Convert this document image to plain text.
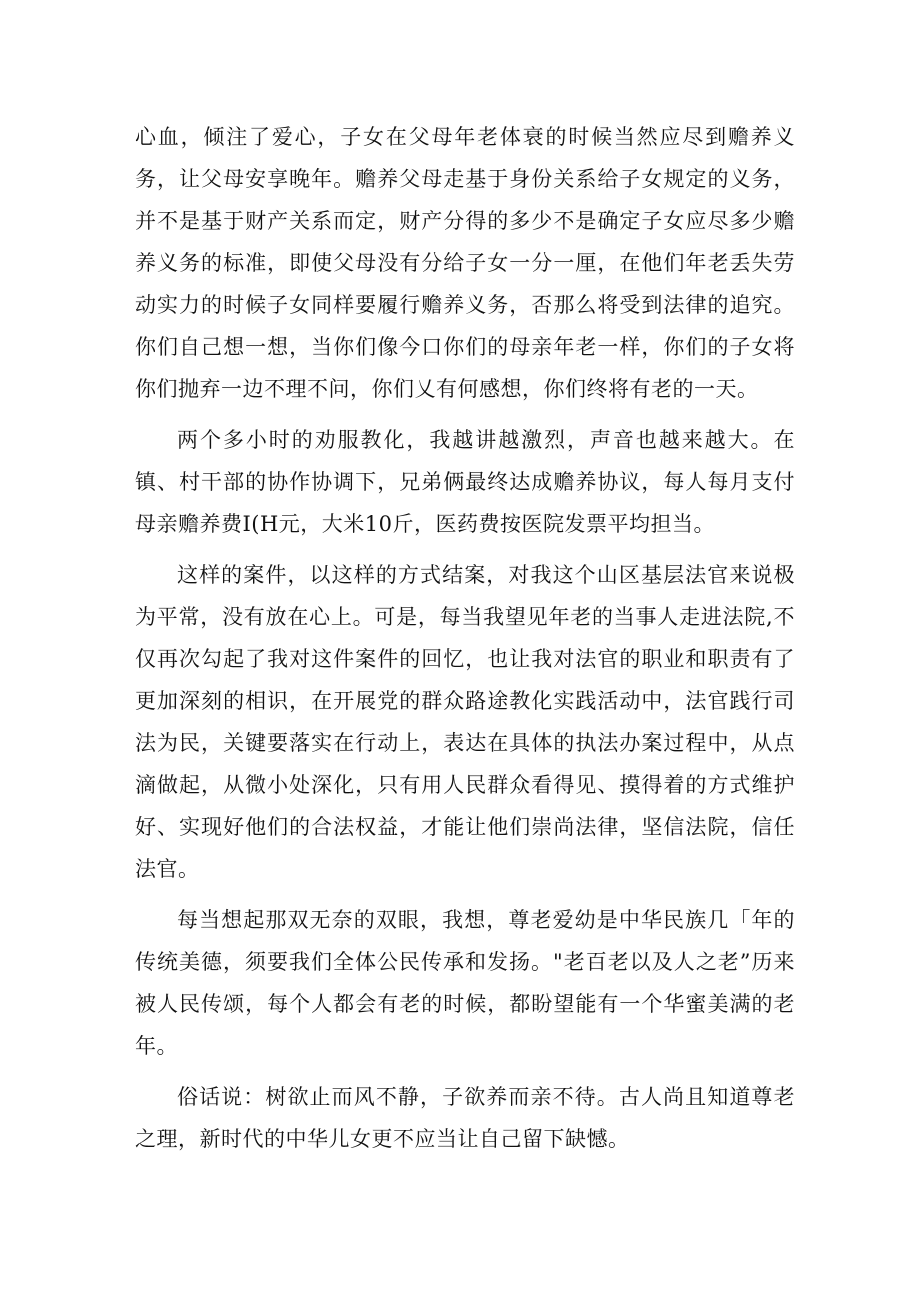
心血，倾注了爱心，子女在父母年老体衰的时候当然应尽到赡养义务，让父母安享晚年。赡养父母走基于身份关系给子女规定的义务，并不是基于财产关系而定，财产分得的多少不是确定子女应尽多少赡养义务的标准，即使父母没有分给子女一分一厘，在他们年老丢失劳动实力的时候子女同样要履行赡养义务，否那么将受到法律的追究。你们自己想一想，当你们像今口你们的母亲年老一样，你们的子女将你们抛弃一边不理不问，你们乂有何感想，你们终将有老的一天。

两个多小时的劝服教化，我越讲越激烈，声音也越来越大。在镇、村干部的协作协调下，兄弟俩最终达成赡养协议，每人每月支付母亲赡养费I(H元，大米10斤，医药费按医院发票平均担当。

这样的案件，以这样的方式结案，对我这个山区基层法官来说极为平常，没有放在心上。可是，每当我望见年老的当事人走进法院,不仅再次勾起了我对这件案件的回忆，也让我对法官的职业和职责有了更加深刻的相识，在开展党的群众路途教化实践活动中，法官践行司法为民，关键要落实在行动上，表达在具体的执法办案过程中，从点滴做起，从微小处深化，只有用人民群众看得见、摸得着的方式维护好、实现好他们的合法权益，才能让他们崇尚法律，坚信法院，信任法官。

每当想起那双无奈的双眼，我想，尊老爱幼是中华民族几「年的传统美德，须要我们全体公民传承和发扬。"老百老以及人之老”历来被人民传颂，每个人都会有老的时候，都盼望能有一个华蜜美满的老年。

俗话说：树欲止而风不静，子欲养而亲不待。古人尚且知道尊老之理，新时代的中华儿女更不应当让自己留下缺憾。
